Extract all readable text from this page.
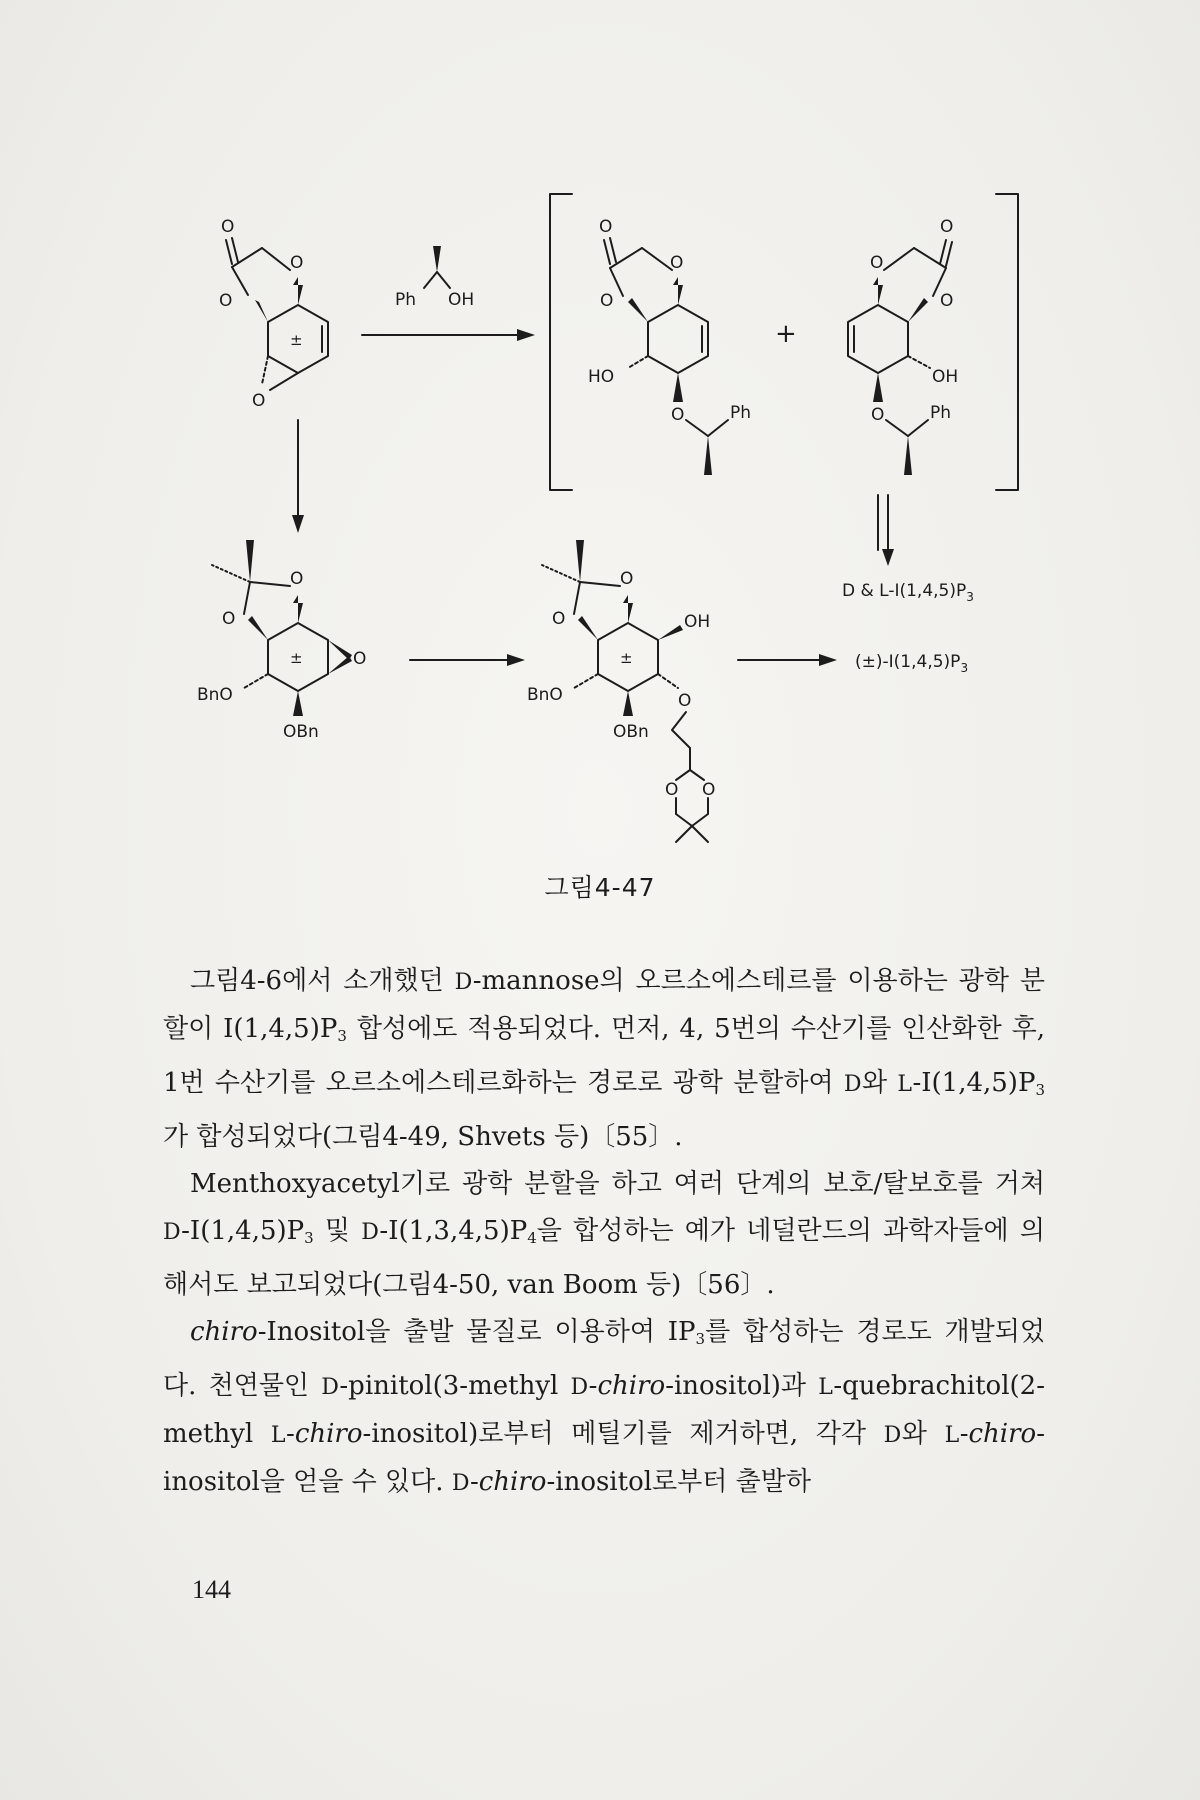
O
O
O
±
O
Ph OH
O
O
O
HO
O	Ph
+
O
O
O
OH
O	Ph
D & $L-I(1,4,5)P_3$
O
O
±	O
BnO
OBn
O
O
±
OH
BnO
OBn
O
O O
$(\pm)-I(1,4,5)P_3$
그림4-47

그림4-6에서 소개했던 D-mannose의 오르소에스테르를 이용하는 광학 분할이 $I(1,4,5)P_3$ 합성에도 적용되었다. 먼저, 4, 5번의 수산기를 인산화한 후, 1번 수산기를 오르소에스테르화하는 경로로 광학 분할하여 D와 $L-I(1,4,5)P_3$가 합성되었다(그림4-49, Shvets 등)〔55〕.

Menthoxyacetyl기로 광학 분할을 하고 여러 단계의 보호/탈보호를 거쳐 $D-I(1,4,5)P_3$ 및 $D-I(1,3,4,5)P_4$을 합성하는 예가 네덜란드의 과학자들에 의해서도 보고되었다(그림4-50, van Boom 등)〔56〕.

chiro-Inositol을 출발 물질로 이용하여 $IP_3$를 합성하는 경로도 개발되었다. 천연물인 D-pinitol(3-methyl D-chiro-inositol)과 L-quebrachitol(2-methyl L-chiro-inositol)로부터 메틸기를 제거하면, 각각 D와 L-chiro-inositol을 얻을 수 있다. D-chiro-inositol로부터 출발하

144
